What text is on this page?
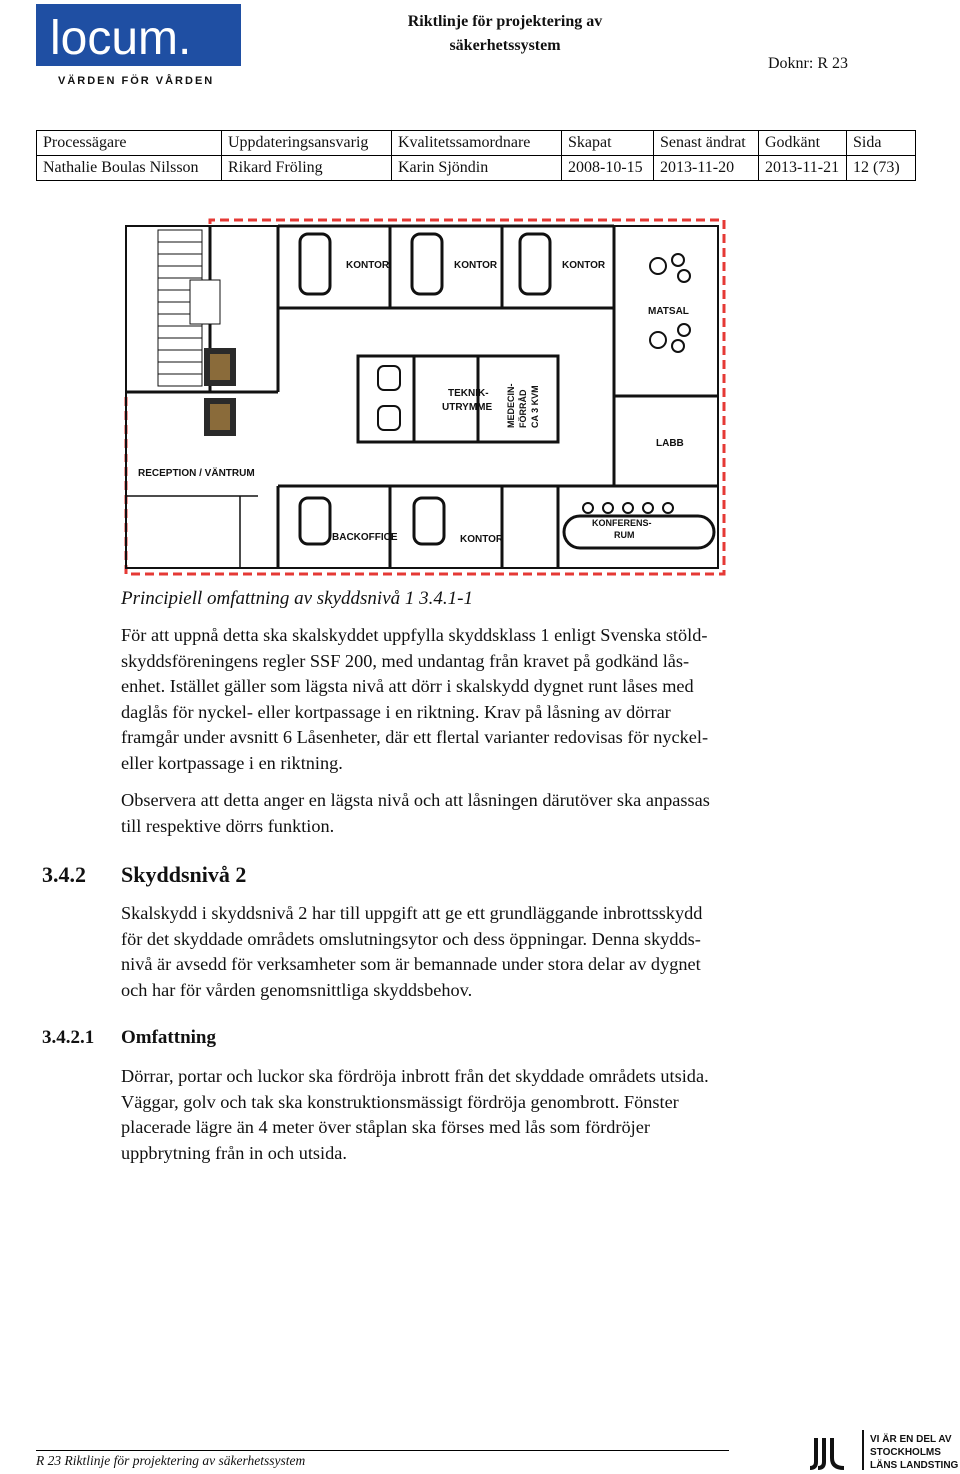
locum.
VÄRDEN FÖR VÅRDEN
Riktlinje för projektering av
säkerhetssystem
Doknr: R 23
Processägare	Uppdateringsansvarig	Kvalitetssamordnare	Skapat	Senast ändrat	Godkänt	Sida
Nathalie Boulas Nilsson	Rikard Fröling	Karin Sjöndin	2008-10-15	2013-11-20	2013-11-21	12 (73)
KONTOR	KONTOR	KONTOR
MATSAL
TEKNIK-
UTRYMME MEDECIN- FÖRRÅD CA 3 KVM
LABB
RECEPTION / VÄNTRUM
BACKOFFICE	KONTOR
KONFERENS-
RUM
Principiell omfattning av skyddsnivå 1 3.4.1-1
För att uppnå detta ska skalskyddet uppfylla skyddsklass 1 enligt Svenska stöld-
skyddsföreningens regler SSF 200, med undantag från kravet på godkänd lås-
enhet. Istället gäller som lägsta nivå att dörr i skalskydd dygnet runt låses med
daglås för nyckel- eller kortpassage i en riktning. Krav på låsning av dörrar
framgår under avsnitt 6 Låsenheter, där ett flertal varianter redovisas för nyckel-
eller kortpassage i en riktning.
Observera att detta anger en lägsta nivå och att låsningen därutöver ska anpassas
till respektive dörrs funktion.
3.4.2 Skyddsnivå 2
Skalskydd i skyddsnivå 2 har till uppgift att ge ett grundläggande inbrottsskydd
för det skyddade områdets omslutningsytor och dess öppningar. Denna skydds-
nivå är avsedd för verksamheter som är bemannade under stora delar av dygnet
och har för vården genomsnittliga skyddsbehov.
3.4.2.1 Omfattning
Dörrar, portar och luckor ska fördröja inbrott från det skyddade områdets utsida.
Väggar, golv och tak ska konstruktionsmässigt fördröja genombrott. Fönster
placerade lägre än 4 meter över ståplan ska förses med lås som fördröjer
uppbrytning från in och utsida.
R 23 Riktlinje för projektering av säkerhetssystem
VI ÄR EN DEL AV
STOCKHOLMS
LÄNS LANDSTING
